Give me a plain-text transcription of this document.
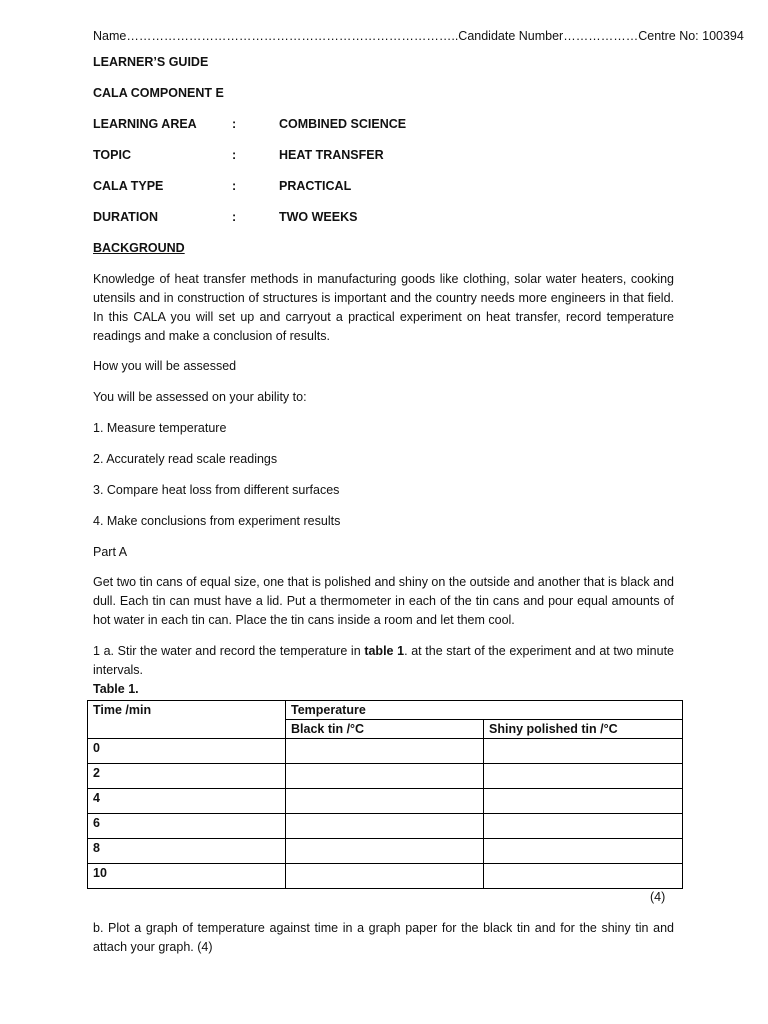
Name……………………………………………………………………..Candidate Number………………Centre No: 100394
LEARNER’S GUIDE
CALA COMPONENT E
LEARNING AREA	:	COMBINED SCIENCE
TOPIC	:	HEAT TRANSFER
CALA TYPE	:	PRACTICAL
DURATION	:	TWO WEEKS
BACKGROUND
Knowledge of heat transfer methods in manufacturing goods like clothing, solar water heaters, cooking utensils and in construction of structures is important and the country needs more engineers in that field. In this CALA you will set up and carryout a practical experiment on heat transfer, record temperature readings and make a conclusion of results.
How you will be assessed
You will be assessed on your ability to:
1. Measure temperature
2. Accurately read scale readings
3. Compare heat loss from different surfaces
4. Make conclusions from experiment results
Part A
Get two tin cans of equal size, one that is polished and shiny on the outside and another that is black and dull. Each tin can must have a lid. Put a thermometer in each of the tin cans and pour equal amounts of hot water in each tin can. Place the tin cans inside a room and let them cool.
1 a. Stir the water and record the temperature in table 1. at the start of the experiment and at two minute intervals.
Table 1.
Time /min	Temperature	
	Black tin /°C	Shiny polished tin /°C
0		
2		
4		
6		
8		
10		
(4)
b. Plot a graph of temperature against time in a graph paper for the black tin and for the shiny tin and attach your graph. (4)
